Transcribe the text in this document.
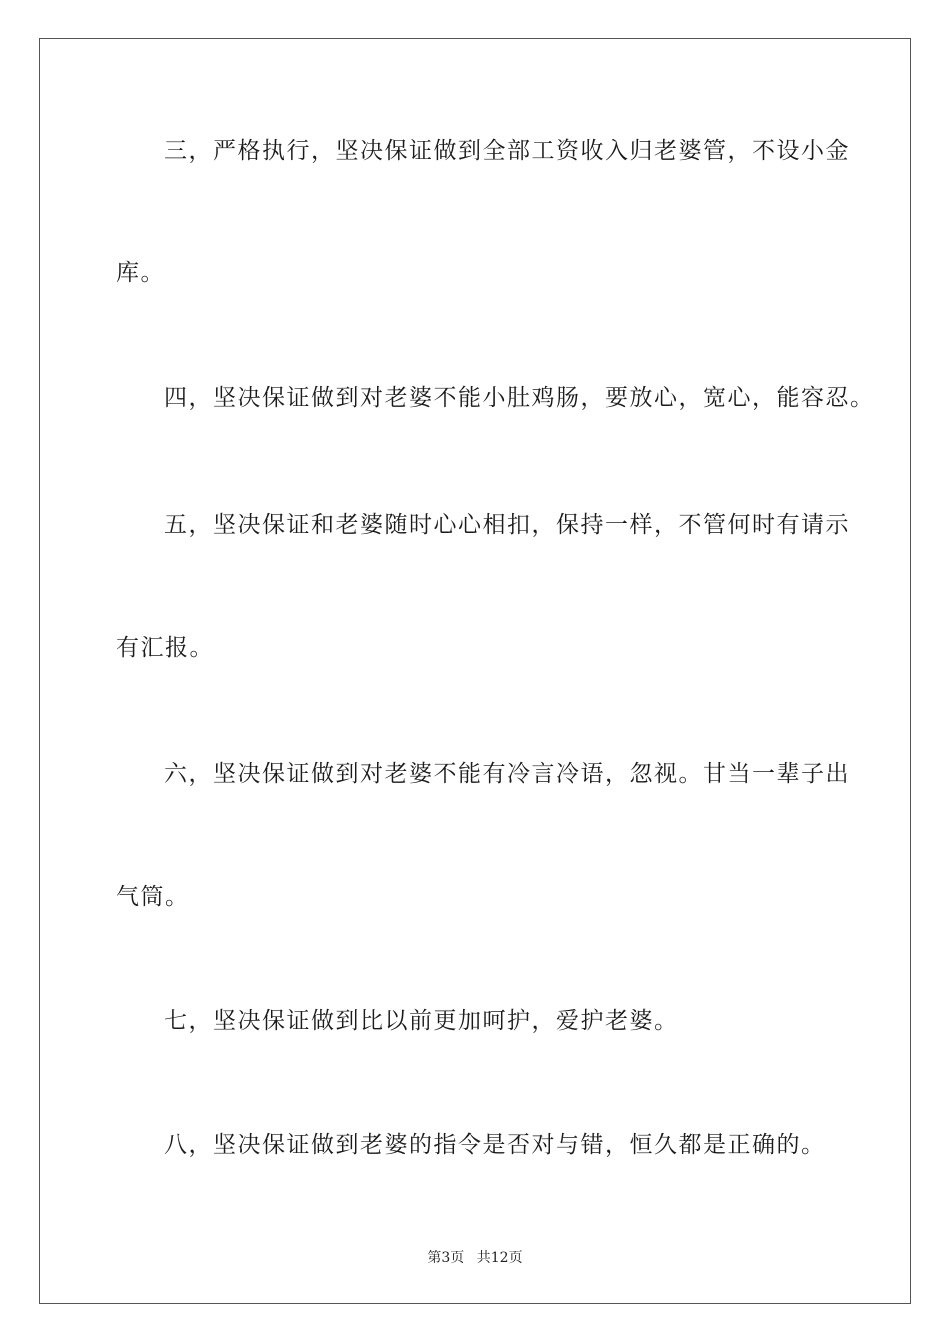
三，严格执行，坚决保证做到全部工资收入归老婆管，不设小金
库。
四，坚决保证做到对老婆不能小肚鸡肠，要放心，宽心，能容忍。
五，坚决保证和老婆随时心心相扣，保持一样，不管何时有请示
有汇报。
六，坚决保证做到对老婆不能有冷言冷语，忽视。甘当一辈子出
气筒。
七，坚决保证做到比以前更加呵护，爱护老婆。
八，坚决保证做到老婆的指令是否对与错，恒久都是正确的。
第3页 共12页
